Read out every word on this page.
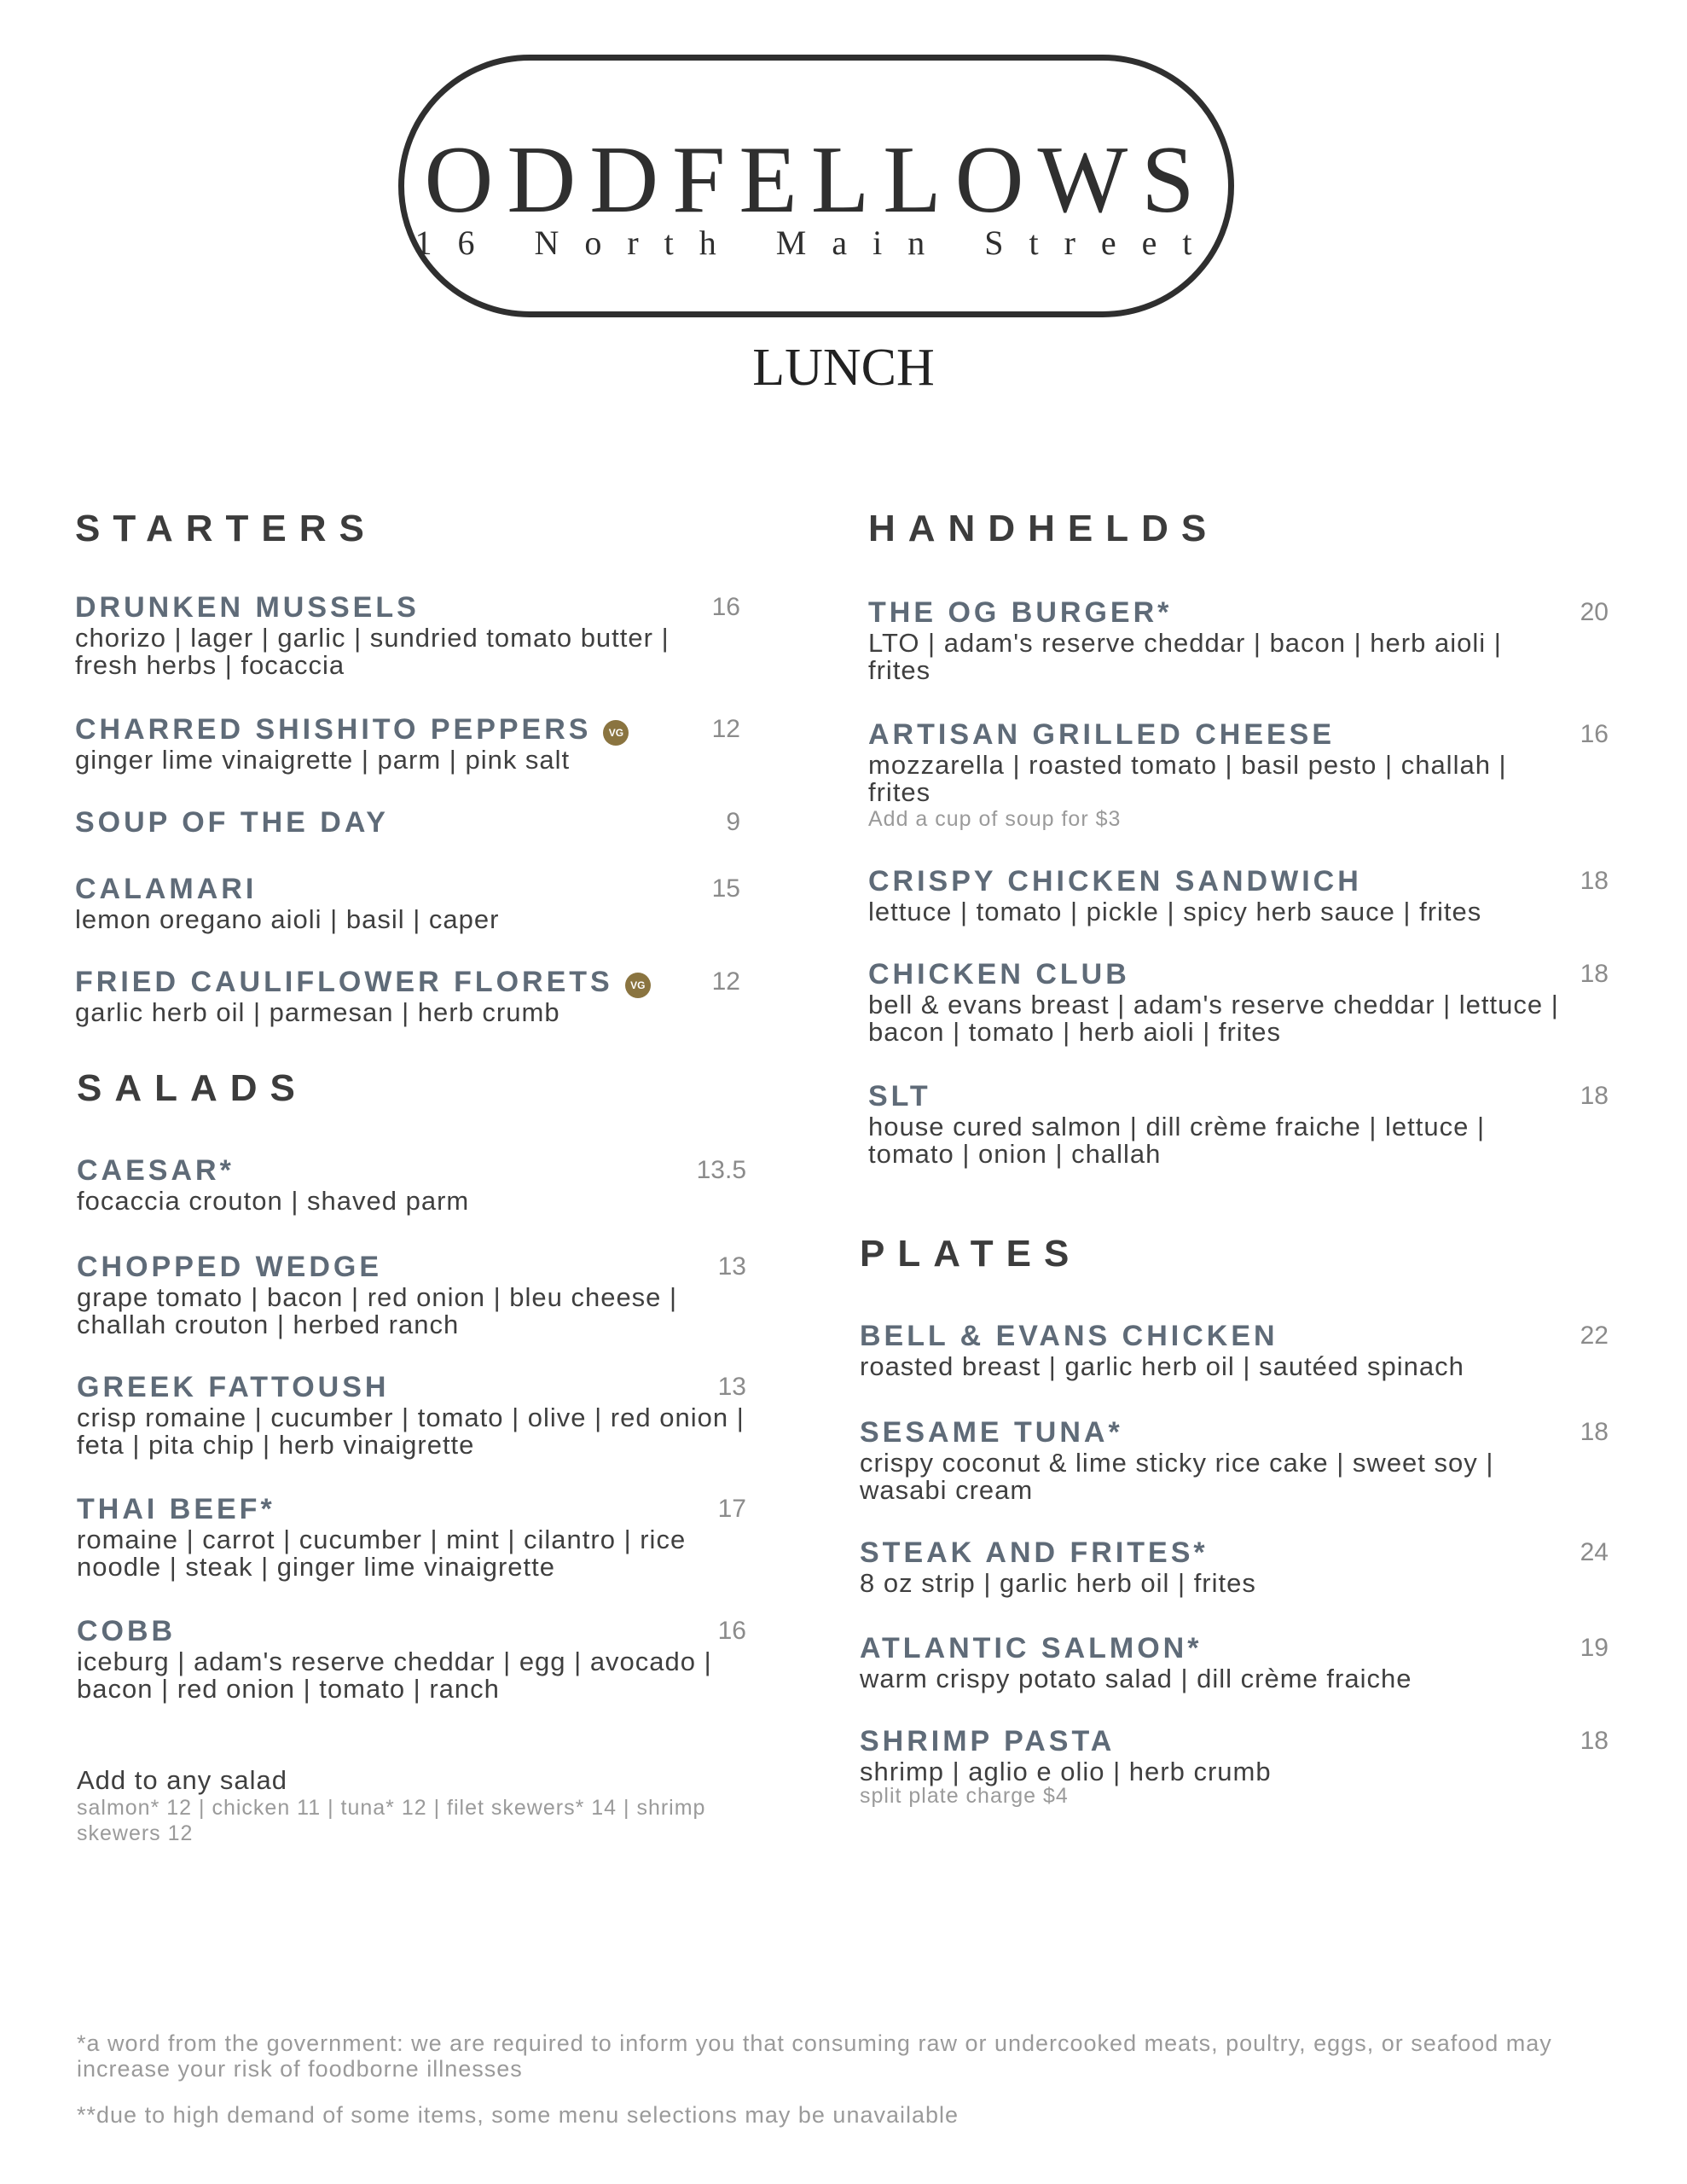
ODDFELLOWS
16 North Main Street
LUNCH
STARTERS
DRUNKEN MUSSELS	16
chorizo | lager | garlic | sundried tomato butter | fresh herbs | focaccia
CHARRED SHISHITO PEPPERS VG	12
ginger lime vinaigrette | parm | pink salt
SOUP OF THE DAY	9
CALAMARI	15
lemon oregano aioli | basil | caper
FRIED CAULIFLOWER FLORETS VG	12
garlic herb oil | parmesan | herb crumb
SALADS
CAESAR*	13.5
focaccia crouton | shaved parm
CHOPPED WEDGE	13
grape tomato | bacon | red onion | bleu cheese | challah crouton | herbed ranch
GREEK FATTOUSH	13
crisp romaine | cucumber | tomato | olive | red onion | feta | pita chip | herb vinaigrette
THAI BEEF*	17
romaine | carrot | cucumber | mint | cilantro | rice noodle | steak | ginger lime vinaigrette
COBB	16
iceburg | adam's reserve cheddar | egg | avocado | bacon | red onion | tomato | ranch
Add to any salad
salmon* 12 | chicken 11 | tuna* 12 | filet skewers* 14 | shrimp skewers 12
HANDHELDS
THE OG BURGER*	20
LTO | adam's reserve cheddar | bacon | herb aioli | frites
ARTISAN GRILLED CHEESE	16
mozzarella | roasted tomato | basil pesto | challah | frites
Add a cup of soup for $3
CRISPY CHICKEN SANDWICH	18
lettuce | tomato | pickle | spicy herb sauce | frites
CHICKEN CLUB	18
bell & evans breast | adam's reserve cheddar | lettuce | bacon | tomato | herb aioli | frites
SLT	18
house cured salmon | dill crème fraiche | lettuce | tomato | onion | challah
PLATES
BELL & EVANS CHICKEN	22
roasted breast | garlic herb oil | sautéed spinach
SESAME TUNA*	18
crispy coconut & lime sticky rice cake | sweet soy | wasabi cream
STEAK AND FRITES*	24
8 oz strip | garlic herb oil | frites
ATLANTIC SALMON*	19
warm crispy potato salad | dill crème fraiche
SHRIMP PASTA	18
shrimp | aglio e olio | herb crumb
split plate charge $4
*a word from the government: we are required to inform you that consuming raw or undercooked meats, poultry, eggs, or seafood may increase your risk of foodborne illnesses
**due to high demand of some items, some menu selections may be unavailable
